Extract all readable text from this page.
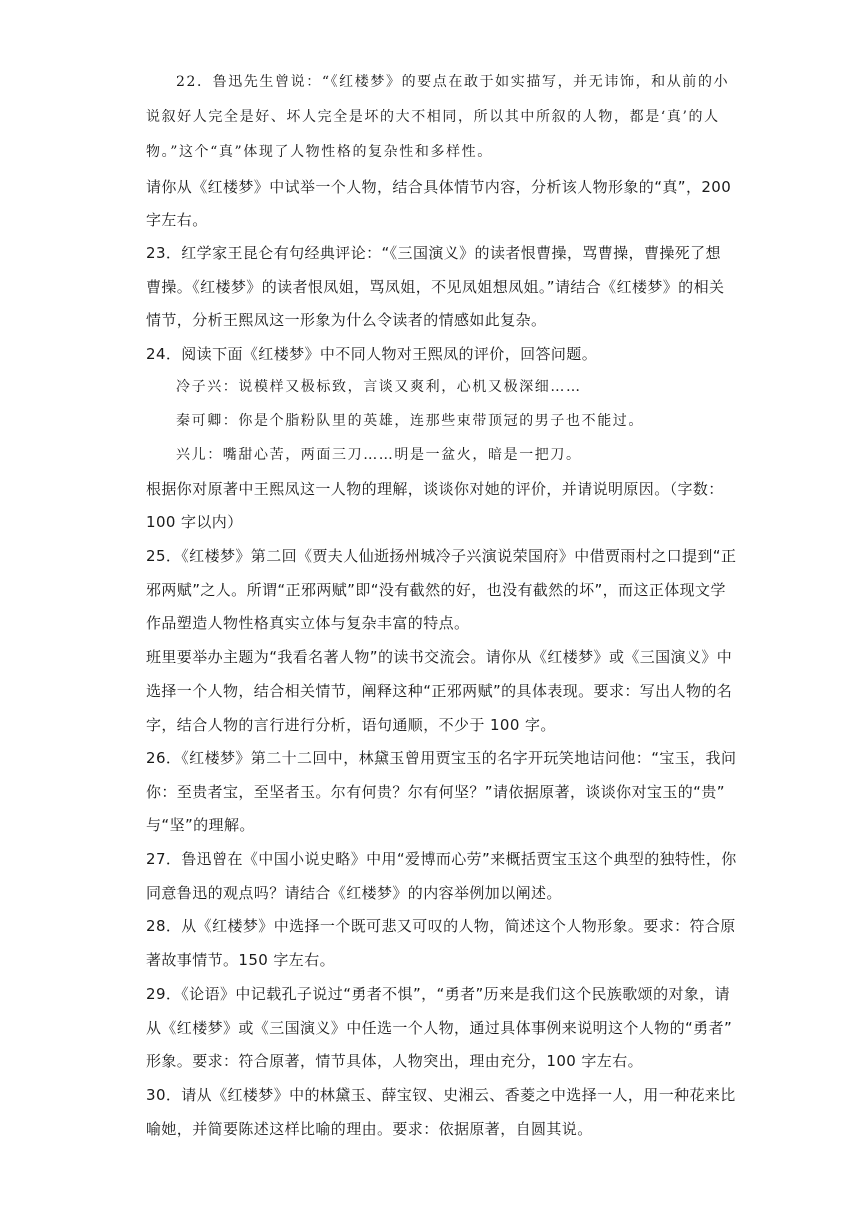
22．鲁迅先生曾说：“《红楼梦》的要点在敢于如实描写，并无讳饰，和从前的小
说叙好人完全是好、坏人完全是坏的大不相同，所以其中所叙的人物，都是‘真’的人
物。”这个“真”体现了人物性格的复杂性和多样性。
请你从《红楼梦》中试举一个人物，结合具体情节内容，分析该人物形象的“真”，200
字左右。
23．红学家王昆仑有句经典评论：“《三国演义》的读者恨曹操，骂曹操，曹操死了想
曹操。《红楼梦》的读者恨凤姐，骂凤姐，不见凤姐想凤姐。”请结合《红楼梦》的相关
情节，分析王熙凤这一形象为什么令读者的情感如此复杂。
24．阅读下面《红楼梦》中不同人物对王熙凤的评价，回答问题。
冷子兴：说模样又极标致，言谈又爽利，心机又极深细……
秦可卿：你是个脂粉队里的英雄，连那些束带顶冠的男子也不能过。
兴儿：嘴甜心苦，两面三刀……明是一盆火，暗是一把刀。
根据你对原著中王熙凤这一人物的理解，谈谈你对她的评价，并请说明原因。（字数：
100 字以内）
25．《红楼梦》第二回《贾夫人仙逝扬州城冷子兴演说荣国府》中借贾雨村之口提到“正
邪两赋”之人。所谓“正邪两赋”即“没有截然的好，也没有截然的坏”，而这正体现文学
作品塑造人物性格真实立体与复杂丰富的特点。
班里要举办主题为“我看名著人物”的读书交流会。请你从《红楼梦》或《三国演义》中
选择一个人物，结合相关情节，阐释这种“正邪两赋”的具体表现。要求：写出人物的名
字，结合人物的言行进行分析，语句通顺，不少于 100 字。
26．《红楼梦》第二十二回中，林黛玉曾用贾宝玉的名字开玩笑地诘问他：“宝玉，我问
你：至贵者宝，至坚者玉。尔有何贵？尔有何坚？”请依据原著，谈谈你对宝玉的“贵”
与“坚”的理解。
27．鲁迅曾在《中国小说史略》中用“爱博而心劳”来概括贾宝玉这个典型的独特性，你
同意鲁迅的观点吗？请结合《红楼梦》的内容举例加以阐述。
28．从《红楼梦》中选择一个既可悲又可叹的人物，简述这个人物形象。要求：符合原
著故事情节。150 字左右。
29．《论语》中记载孔子说过“勇者不惧”，“勇者”历来是我们这个民族歌颂的对象，请
从《红楼梦》或《三国演义》中任选一个人物，通过具体事例来说明这个人物的“勇者”
形象。要求：符合原著，情节具体，人物突出，理由充分，100 字左右。
30．请从《红楼梦》中的林黛玉、薛宝钗、史湘云、香菱之中选择一人，用一种花来比
喻她，并简要陈述这样比喻的理由。要求：依据原著，自圆其说。
